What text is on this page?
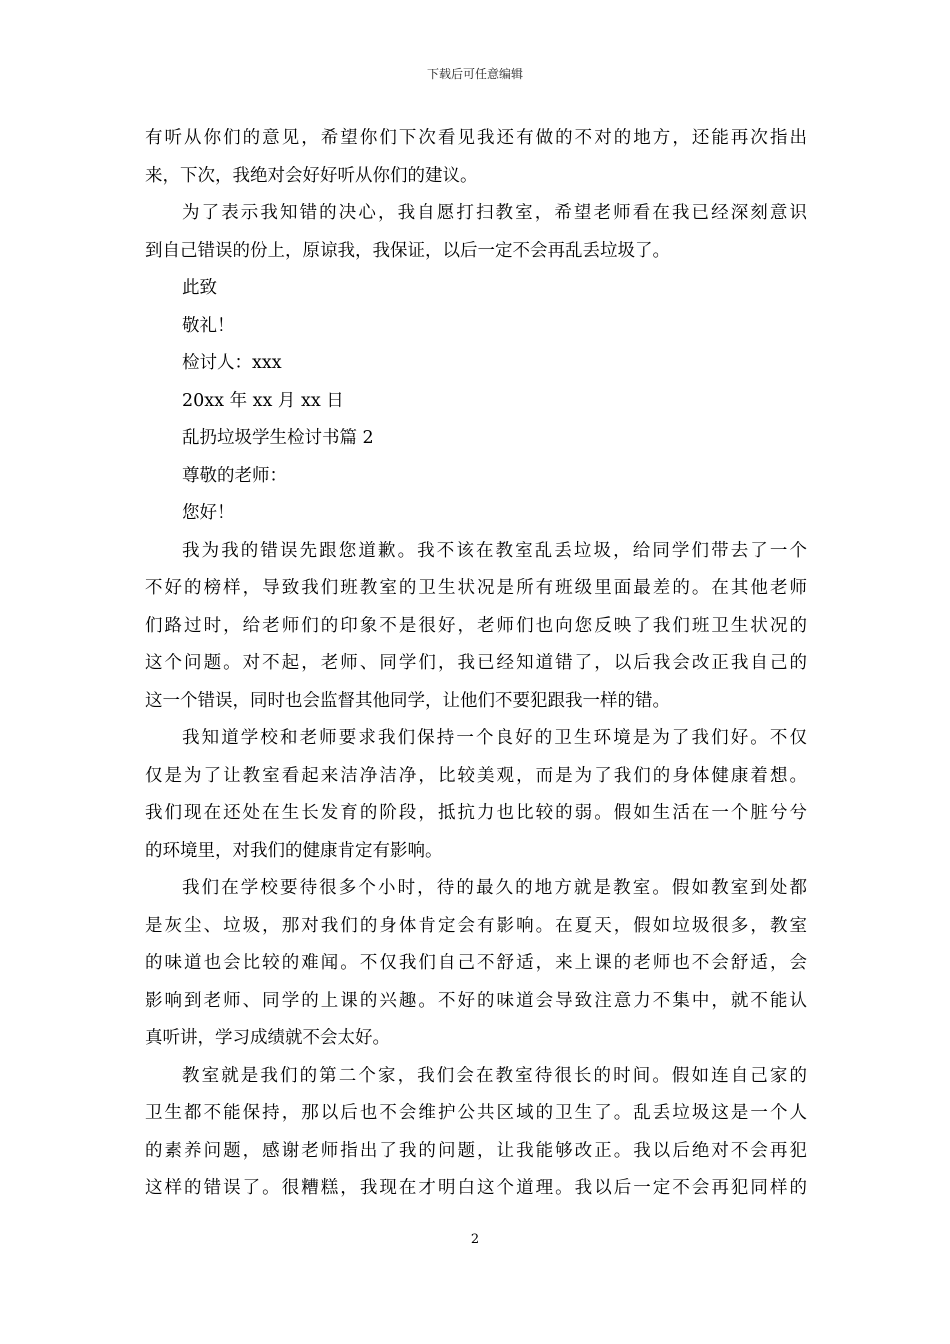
下载后可任意编辑
有听从你们的意见，希望你们下次看见我还有做的不对的地方，还能再次指出
来，下次，我绝对会好好听从你们的建议。
为了表示我知错的决心，我自愿打扫教室，希望老师看在我已经深刻意识
到自己错误的份上，原谅我，我保证，以后一定不会再乱丢垃圾了。
此致
敬礼！
检讨人：xxx
20xx 年 xx 月 xx 日
乱扔垃圾学生检讨书篇 2
尊敬的老师：
您好！
我为我的错误先跟您道歉。我不该在教室乱丢垃圾，给同学们带去了一个
不好的榜样，导致我们班教室的卫生状况是所有班级里面最差的。在其他老师
们路过时，给老师们的印象不是很好，老师们也向您反映了我们班卫生状况的
这个问题。对不起，老师、同学们，我已经知道错了，以后我会改正我自己的
这一个错误，同时也会监督其他同学，让他们不要犯跟我一样的错。
我知道学校和老师要求我们保持一个良好的卫生环境是为了我们好。不仅
仅是为了让教室看起来洁净洁净，比较美观，而是为了我们的身体健康着想。
我们现在还处在生长发育的阶段，抵抗力也比较的弱。假如生活在一个脏兮兮
的环境里，对我们的健康肯定有影响。
我们在学校要待很多个小时，待的最久的地方就是教室。假如教室到处都
是灰尘、垃圾，那对我们的身体肯定会有影响。在夏天，假如垃圾很多，教室
的味道也会比较的难闻。不仅我们自己不舒适，来上课的老师也不会舒适，会
影响到老师、同学的上课的兴趣。不好的味道会导致注意力不集中，就不能认
真听讲，学习成绩就不会太好。
教室就是我们的第二个家，我们会在教室待很长的时间。假如连自己家的
卫生都不能保持，那以后也不会维护公共区域的卫生了。乱丢垃圾这是一个人
的素养问题，感谢老师指出了我的问题，让我能够改正。我以后绝对不会再犯
这样的错误了。很糟糕，我现在才明白这个道理。我以后一定不会再犯同样的
2
